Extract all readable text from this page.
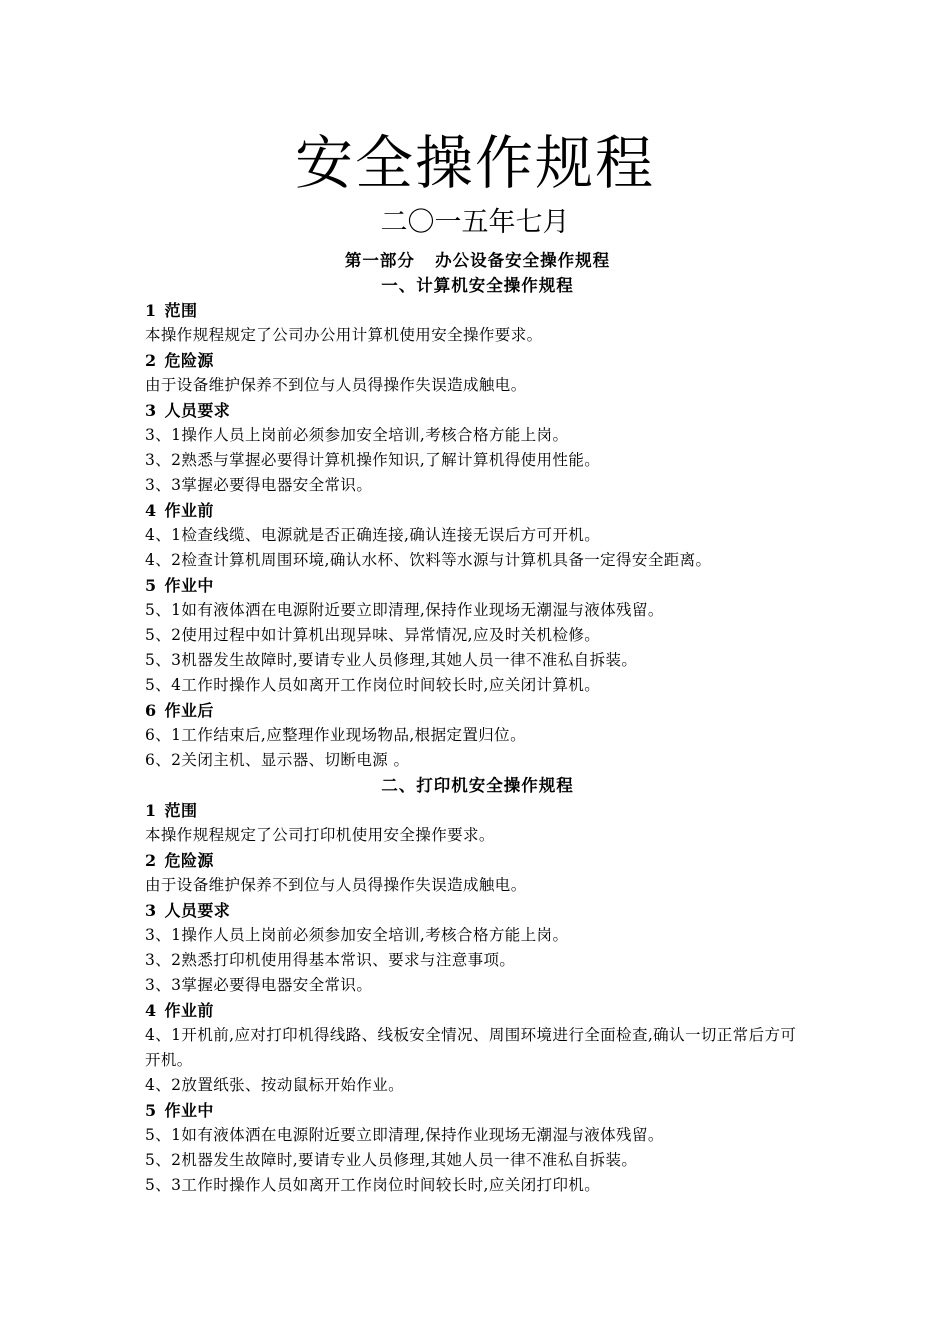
安全操作规程
二〇一五年七月
第一部分   办公设备安全操作规程
一、计算机安全操作规程
1 范围
本操作规程规定了公司办公用计算机使用安全操作要求。
2 危险源
由于设备维护保养不到位与人员得操作失误造成触电。
3 人员要求
3、1操作人员上岗前必须参加安全培训,考核合格方能上岗。
3、2熟悉与掌握必要得计算机操作知识,了解计算机得使用性能。
3、3掌握必要得电器安全常识。
4 作业前
4、1检查线缆、电源就是否正确连接,确认连接无误后方可开机。
4、2检查计算机周围环境,确认水杯、饮料等水源与计算机具备一定得安全距离。
5 作业中
5、1如有液体洒在电源附近要立即清理,保持作业现场无潮湿与液体残留。
5、2使用过程中如计算机出现异味、异常情况,应及时关机检修。
5、3机器发生故障时,要请专业人员修理,其她人员一律不准私自拆装。
5、4工作时操作人员如离开工作岗位时间较长时,应关闭计算机。
6 作业后
6、1工作结束后,应整理作业现场物品,根据定置归位。
6、2关闭主机、显示器、切断电源 。
二、打印机安全操作规程
1 范围
本操作规程规定了公司打印机使用安全操作要求。
2 危险源
由于设备维护保养不到位与人员得操作失误造成触电。
3 人员要求
3、1操作人员上岗前必须参加安全培训,考核合格方能上岗。
3、2熟悉打印机使用得基本常识、要求与注意事项。
3、3掌握必要得电器安全常识。
4 作业前
4、1开机前,应对打印机得线路、线板安全情况、周围环境进行全面检查,确认一切正常后方可开机。
4、2放置纸张、按动鼠标开始作业。
5 作业中
5、1如有液体洒在电源附近要立即清理,保持作业现场无潮湿与液体残留。
5、2机器发生故障时,要请专业人员修理,其她人员一律不准私自拆装。
5、3工作时操作人员如离开工作岗位时间较长时,应关闭打印机。
